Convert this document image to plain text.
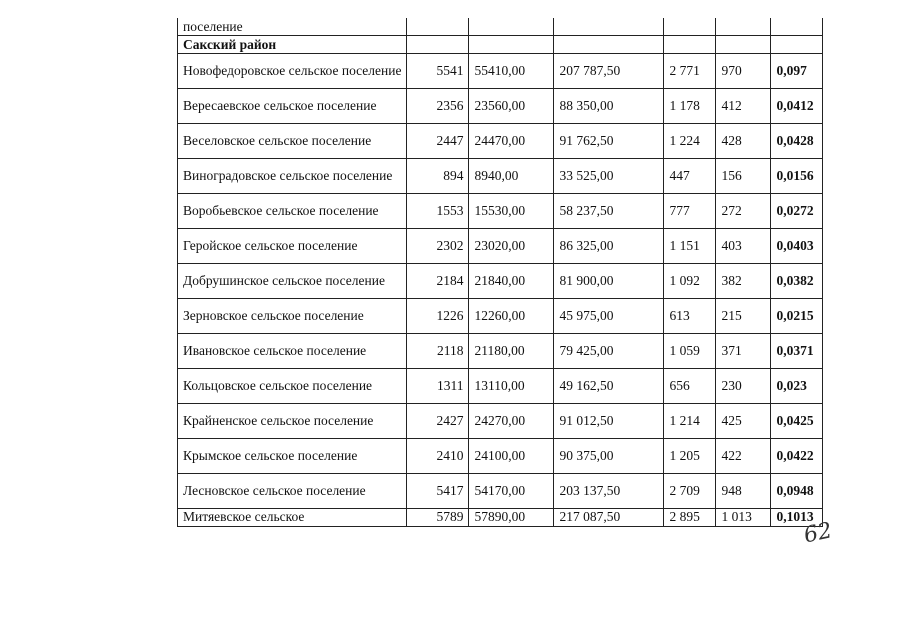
поселение						
Сакский район						
Новофедоровское сельское поселение	5541	55410,00	207 787,50	2 771	970	0,097
Вересаевское сельское поселение	2356	23560,00	88 350,00	1 178	412	0,0412
Веселовское сельское поселение	2447	24470,00	91 762,50	1 224	428	0,0428
Виноградовское сельское поселение	894	8940,00	33 525,00	447	156	0,0156
Воробьевское сельское поселение	1553	15530,00	58 237,50	777	272	0,0272
Геройское сельское поселение	2302	23020,00	86 325,00	1 151	403	0,0403
Добрушинское сельское поселение	2184	21840,00	81 900,00	1 092	382	0,0382
Зерновское сельское поселение	1226	12260,00	45 975,00	613	215	0,0215
Ивановское сельское поселение	2118	21180,00	79 425,00	1 059	371	0,0371
Кольцовское сельское поселение	1311	13110,00	49 162,50	656	230	0,023
Крайненское сельское поселение	2427	24270,00	91 012,50	1 214	425	0,0425
Крымское сельское поселение	2410	24100,00	90 375,00	1 205	422	0,0422
Лесновское сельское поселение	5417	54170,00	203 137,50	2 709	948	0,0948
Митяевское сельское	5789	57890,00	217 087,50	2 895	1 013	0,1013
62
